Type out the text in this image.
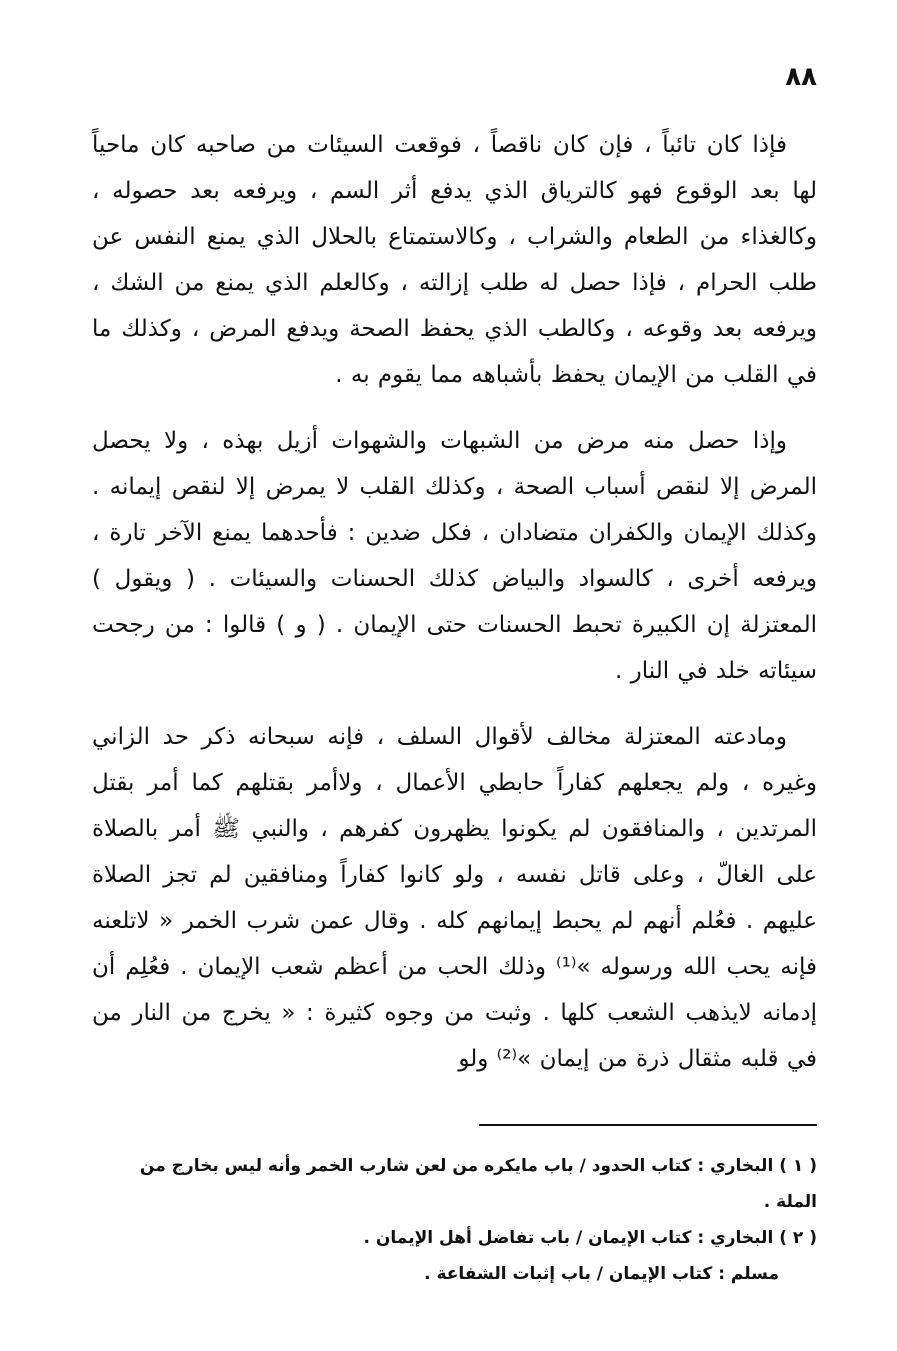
٨٨

فإذا كان تائباً ، فإن كان ناقصاً ، فوقعت السيئات من صاحبه كان ماحياً لها بعد الوقوع فهو كالترياق الذي يدفع أثر السم ، ويرفعه بعد حصوله ، وكالغذاء من الطعام والشراب ، وكالاستمتاع بالحلال الذي يمنع النفس عن طلب الحرام ، فإذا حصل له طلب إزالته ، وكالعلم الذي يمنع من الشك ، ويرفعه بعد وقوعه ، وكالطب الذي يحفظ الصحة ويدفع المرض ، وكذلك ما في القلب من الإيمان يحفظ بأشباهه مما يقوم به .

وإذا حصل منه مرض من الشبهات والشهوات أزيل بهذه ، ولا يحصل المرض إلا لنقص أسباب الصحة ، وكذلك القلب لا يمرض إلا لنقص إيمانه . وكذلك الإيمان والكفران متضادان ، فكل ضدين : فأحدهما يمنع الآخر تارة ، ويرفعه أخرى ، كالسواد والبياض كذلك الحسنات والسيئات . ( ويقول ) المعتزلة إن الكبيرة تحبط الحسنات حتى الإيمان . ( و ) قالوا : من رجحت سيئاته خلد في النار .

ومادعته المعتزلة مخالف لأقوال السلف ، فإنه سبحانه ذكر حد الزاني وغيره ، ولم يجعلهم كفاراً حابطي الأعمال ، ولاأمر بقتلهم كما أمر بقتل المرتدين ، والمنافقون لم يكونوا يظهرون كفرهم ، والنبي ﷺ أمر بالصلاة على الغالّ ، وعلى قاتل نفسه ، ولو كانوا كفاراً ومنافقين لم تجز الصلاة عليهم . فعُلم أنهم لم يحبط إيمانهم كله . وقال عمن شرب الخمر « لاتلعنه فإنه يحب الله ورسوله »⁽¹⁾ وذلك الحب من أعظم شعب الإيمان . فعُلِم أن إدمانه لايذهب الشعب كلها . وثبت من وجوه كثيرة : « يخرج من النار من في قلبه مثقال ذرة من إيمان »⁽²⁾ ولو

( ١ ) البخاري : كتاب الحدود / باب مايكره من لعن شارب الخمر وأنه ليس بخارج من الملة .

( ٢ ) البخاري : كتاب الإيمان / باب تفاضل أهل الإيمان .

مسلم : كتاب الإيمان / باب إثبات الشفاعة .
